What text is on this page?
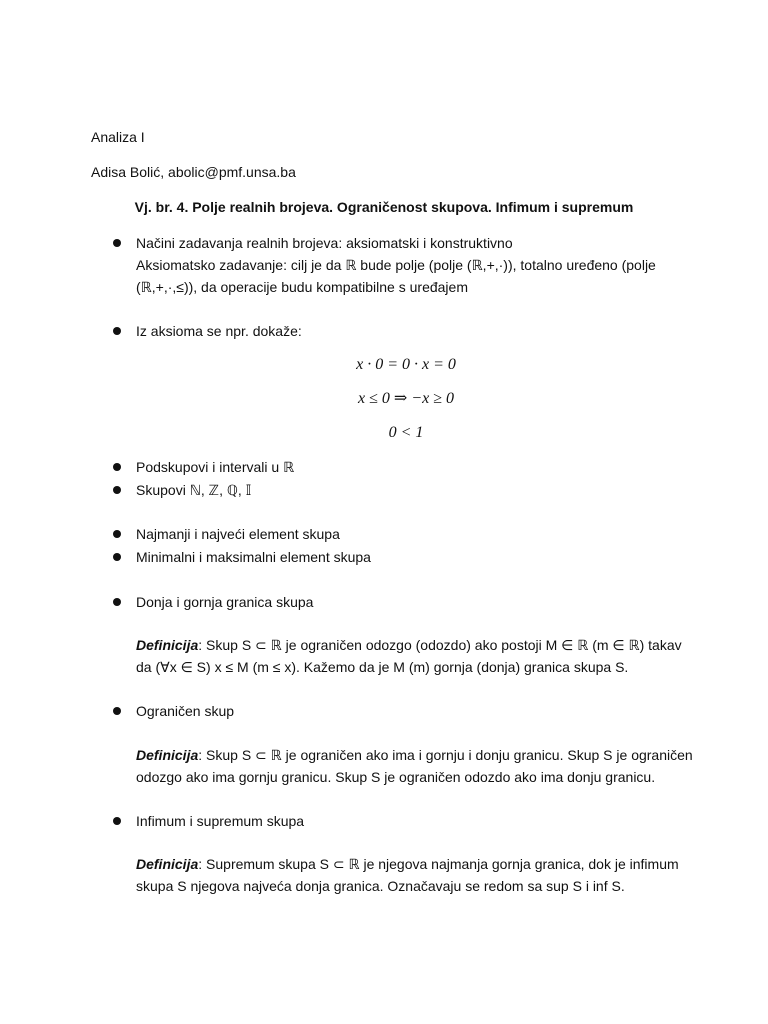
Analiza I
Adisa Bolić, abolic@pmf.unsa.ba
Vj. br. 4. Polje realnih brojeva. Ograničenost skupova. Infimum i supremum
Načini zadavanja realnih brojeva: aksiomatski i konstruktivno
Aksiomatsko zadavanje: cilj je da ℝ bude polje (polje (ℝ,+,·)), totalno uređeno (polje
(ℝ,+,·,≤)), da operacije budu kompatibilne s uređajem
Iz aksioma se npr. dokaže:
x · 0 = 0 · x = 0
x ≤ 0 ⇒ −x ≥ 0
0 < 1
Podskupovi i intervali u ℝ
Skupovi ℕ, ℤ, ℚ, 𝕀
Najmanji i najveći element skupa
Minimalni i maksimalni element skupa
Donja i gornja granica skupa
Definicija: Skup S ⊂ ℝ je ograničen odozgo (odozdo) ako postoji M ∈ ℝ (m ∈ ℝ) takav
da (∀x ∈ S) x ≤ M (m ≤ x). Kažemo da je M (m) gornja (donja) granica skupa S.
Ograničen skup
Definicija: Skup S ⊂ ℝ je ograničen ako ima i gornju i donju granicu. Skup S je ograničen
odozgo ako ima gornju granicu. Skup S je ograničen odozdo ako ima donju granicu.
Infimum i supremum skupa
Definicija: Supremum skupa S ⊂ ℝ je njegova najmanja gornja granica, dok je infimum
skupa S njegova najveća donja granica. Označavaju se redom sa sup S i inf S.
